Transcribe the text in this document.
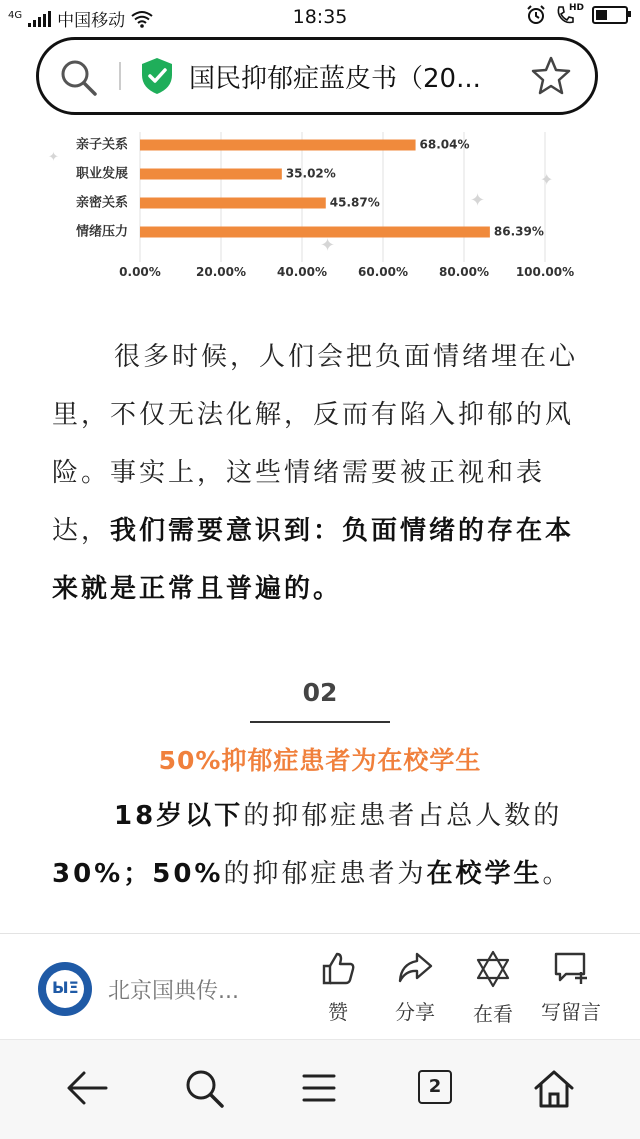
4G 中国移动	18:35	HD
国民抑郁症蓝皮书（20...
✦
✦
✦
✦
0.00%	20.00%	40.00%	60.00%	80.00% 100.00%
亲子关系	68.04%
职业发展	35.02%
亲密关系	45.87%
情绪压力	86.39%
很多时候，人们会把负面情绪埋在心里，不仅无法化解，反而有陷入抑郁的风险。事实上，这些情绪需要被正视和表达，我们需要意识到：负面情绪的存在本来就是正常且普遍的。
02
50%抑郁症患者为在校学生
18岁以下的抑郁症患者占总人数的30%；50%的抑郁症患者为在校学生。
ЫΞ 北京国典传...
赞	分享	在看	写留言
2
